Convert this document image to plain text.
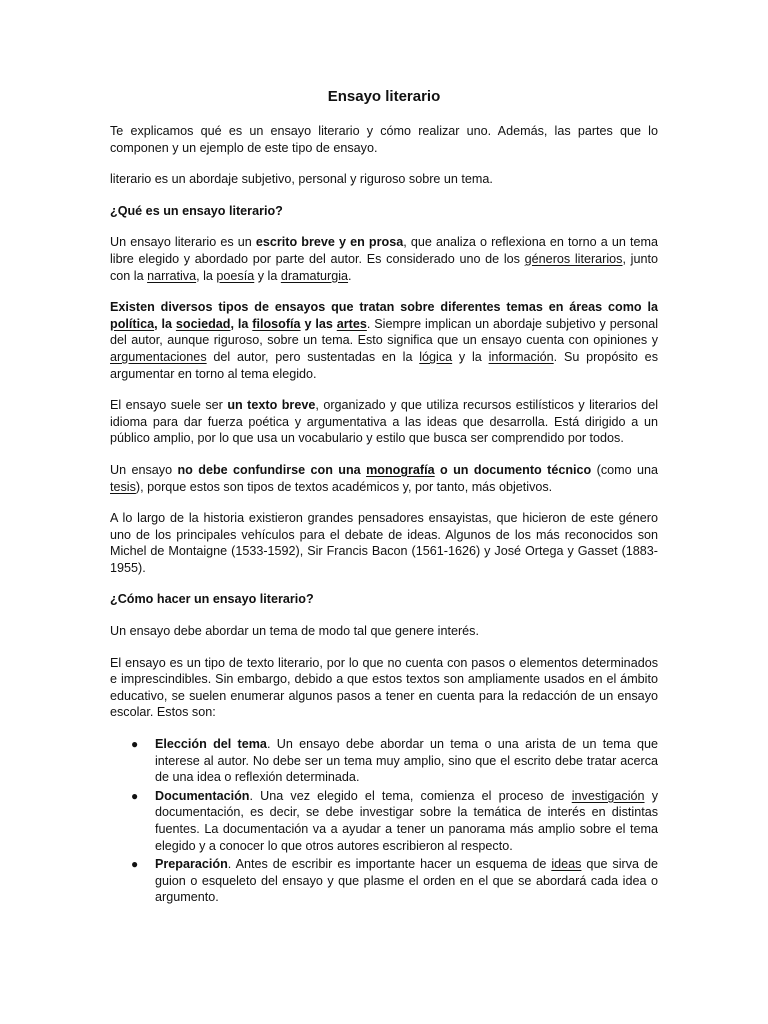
Ensayo literario

Te explicamos qué es un ensayo literario y cómo realizar uno. Además, las partes que lo componen y un ejemplo de este tipo de ensayo.

literario es un abordaje subjetivo, personal y riguroso sobre un tema.

¿Qué es un ensayo literario?

Un ensayo literario es un escrito breve y en prosa, que analiza o reflexiona en torno a un tema libre elegido y abordado por parte del autor. Es considerado uno de los géneros literarios, junto con la narrativa, la poesía y la dramaturgia.

Existen diversos tipos de ensayos que tratan sobre diferentes temas en áreas como la política, la sociedad, la filosofía y las artes. Siempre implican un abordaje subjetivo y personal del autor, aunque riguroso, sobre un tema. Esto significa que un ensayo cuenta con opiniones y argumentaciones del autor, pero sustentadas en la lógica y la información. Su propósito es argumentar en torno al tema elegido.

El ensayo suele ser un texto breve, organizado y que utiliza recursos estilísticos y literarios del idioma para dar fuerza poética y argumentativa a las ideas que desarrolla. Está dirigido a un público amplio, por lo que usa un vocabulario y estilo que busca ser comprendido por todos.

Un ensayo no debe confundirse con una monografía o un documento técnico (como una tesis), porque estos son tipos de textos académicos y, por tanto, más objetivos.

A lo largo de la historia existieron grandes pensadores ensayistas, que hicieron de este género uno de los principales vehículos para el debate de ideas. Algunos de los más reconocidos son Michel de Montaigne (1533-1592), Sir Francis Bacon (1561-1626) y José Ortega y Gasset (1883-1955).

¿Cómo hacer un ensayo literario?

Un ensayo debe abordar un tema de modo tal que genere interés.

El ensayo es un tipo de texto literario, por lo que no cuenta con pasos o elementos determinados e imprescindibles. Sin embargo, debido a que estos textos son ampliamente usados en el ámbito educativo, se suelen enumerar algunos pasos a tener en cuenta para la redacción de un ensayo escolar. Estos son:

● Elección del tema. Un ensayo debe abordar un tema o una arista de un tema que interese al autor. No debe ser un tema muy amplio, sino que el escrito debe tratar acerca de una idea o reflexión determinada.
● Documentación. Una vez elegido el tema, comienza el proceso de investigación y documentación, es decir, se debe investigar sobre la temática de interés en distintas fuentes. La documentación va a ayudar a tener un panorama más amplio sobre el tema elegido y a conocer lo que otros autores escribieron al respecto.
● Preparación. Antes de escribir es importante hacer un esquema de ideas que sirva de guion o esqueleto del ensayo y que plasme el orden en el que se abordará cada idea o argumento.
